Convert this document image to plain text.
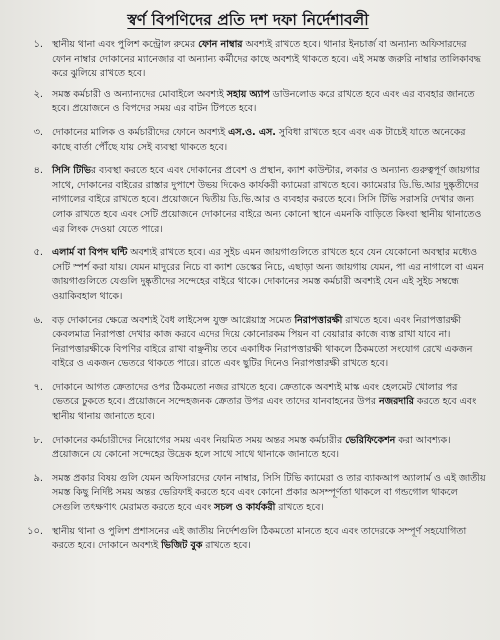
স্বর্ণ বিপণিদের প্রতি দশ দফা নির্দেশাবলী
১. স্থানীয় থানা এবং পুলিশ কন্ট্রোল রুমের ফোন নাম্বার অবশ্যই রাখতে হবে। থানার ইনচার্জ বা অন্যান্য অফিসারদের ফোন নাম্বার দোকানের ম্যানেজার বা অন্যান্য কর্মীদের কাছে অবশ্যই থাকতে হবে। এই সমস্ত জরুরি নাম্বার তালিকাবদ্ধ করে ঝুলিয়ে রাখতে হবে।
২. সমস্ত কর্মচারী ও অন্যান্যদের মোবাইলে অবশ্যই সহায় অ্যাপ ডাউনলোড করে রাখতে হবে এবং এর ব্যবহার জানতে হবে। প্রয়োজনে ও বিপদের সময় এর বাটন টিপতে হবে।
৩. দোকানের মালিক ও কর্মচারীদের ফোনে অবশ্যই এস.ও. এস. সুবিধা রাখতে হবে এবং এক টাচেই যাতে অনেকের কাছে বার্তা পৌঁছে যায় সেই ব্যবস্থা থাকতে হবে।
৪. সিসি টিভির ব্যবস্থা করতে হবে এবং দোকানের প্রবেশ ও প্রস্থান, ক্যাশ কাউন্টার, লকার ও অন্যান্য গুরুত্বপূর্ণ জায়গার সাথে, দোকানের বাইরের রাস্তার দুপাশে উভয় দিকেও কার্যকরী ক্যামেরা রাখতে হবে। ক্যামেরার ডি.ভি.আর দুষ্কৃতীদের নাগালের বাইরে রাখতে হবে। প্রয়োজনে দ্বিতীয় ডি.ভি.আর ও ব্যবহার করতে হবে। সিসি টিভি সরাসরি দেখার জন্য লোক রাখতে হবে এবং সেটি প্রয়োজনে দোকানের বাইরে অন্য কোনো স্থানে এমনকি বাড়িতে কিংবা স্থানীয় থানাতেও এর লিংক দেওয়া যেতে পারে।
৫. এলার্ম বা বিপদ ঘন্টি অবশ্যই রাখতে হবে। এর সুইচ এমন জায়গাগুলিতে রাখতে হবে যেন যেকোনো অবস্থার মধ্যেও সেটি স্পর্শ করা যায়। যেমন মাদুরের নিচে বা ক্যাশ ডেস্কের নিচে, এছাড়া অন্য জায়গায় যেমন, পা এর নাগালে বা এমন জায়গাগুলিতে যেগুলি দুষ্কৃতীদের সন্দেহের বাইরে থাকে। দোকানের সমস্ত কর্মচারী অবশ্যই যেন এই সুইচ সম্বন্ধে ওয়াকিবহাল থাকে।
৬. বড় দোকানের ক্ষেত্রে অবশ্যই বৈধ লাইসেন্স যুক্ত আগ্নেয়াস্ত্র সমেত নিরাপত্তারক্ষী রাখতে হবে। এবং নিরাপত্তারক্ষী কেবলমাত্র নিরাপত্তা দেখার কাজ করবে এদের দিয়ে কোনোরকম পিয়ন বা বেয়ারার কাজে ব্যস্ত রাখা যাবে না। নিরাপত্তারক্ষীকে বিপণির বাইরে রাখা বাঞ্ছনীয় তবে একাধিক নিরাপত্তারক্ষী থাকলে ঠিকমতো সংযোগ রেখে একজন বাইরে ও একজন ভেতরে থাকতে পারে। রাতে এবং ছুটির দিনেও নিরাপত্তারক্ষী রাখতে হবে।
৭. দোকানে আগত ক্রেতাদের ওপর ঠিকমতো নজর রাখতে হবে। ক্রেতাকে অবশ্যই মাস্ক এবং হেলমেট খোলার পর ভেতরে ঢুকতে হবে। প্রয়োজনে সন্দেহজনক ক্রেতার উপর এবং তাদের যানবাহনের উপর নজরদারি করতে হবে এবং স্থানীয় থানায় জানাতে হবে।
৮. দোকানের কর্মচারীদের নিয়োগের সময় এবং নিয়মিত সময় অন্তর সমস্ত কর্মচারীর ভেরিফিকেশন করা আবশ্যক। প্রয়োজনে যে কোনো সন্দেহের উদ্রেক হলে সাথে সাথে থানাকে জানাতে হবে।
৯. সমস্ত প্রকার বিষয় গুলি যেমন অফিসারদের ফোন নাম্বার, সিসি টিভি ক্যামেরা ও তার ব্যাকআপ অ্যালার্ম ও এই জাতীয় সমস্ত কিছু নির্দিষ্ট সময় অন্তর ভেরিফাই করতে হবে এবং কোনো প্রকার অসম্পূর্ণতা থাকলে বা গন্ডগোল থাকলে সেগুলি তৎক্ষণাৎ মেরামত করতে হবে এবং সচল ও কার্যকরী রাখতে হবে।
১০. স্থানীয় থানা ও পুলিশ প্রশাসনের এই জাতীয় নির্দেশগুলি ঠিকমতো মানতে হবে এবং তাদেরকে সম্পূর্ণ সহযোগিতা করতে হবে। দোকানে অবশ্যই ভিজিট বুক রাখতে হবে।
